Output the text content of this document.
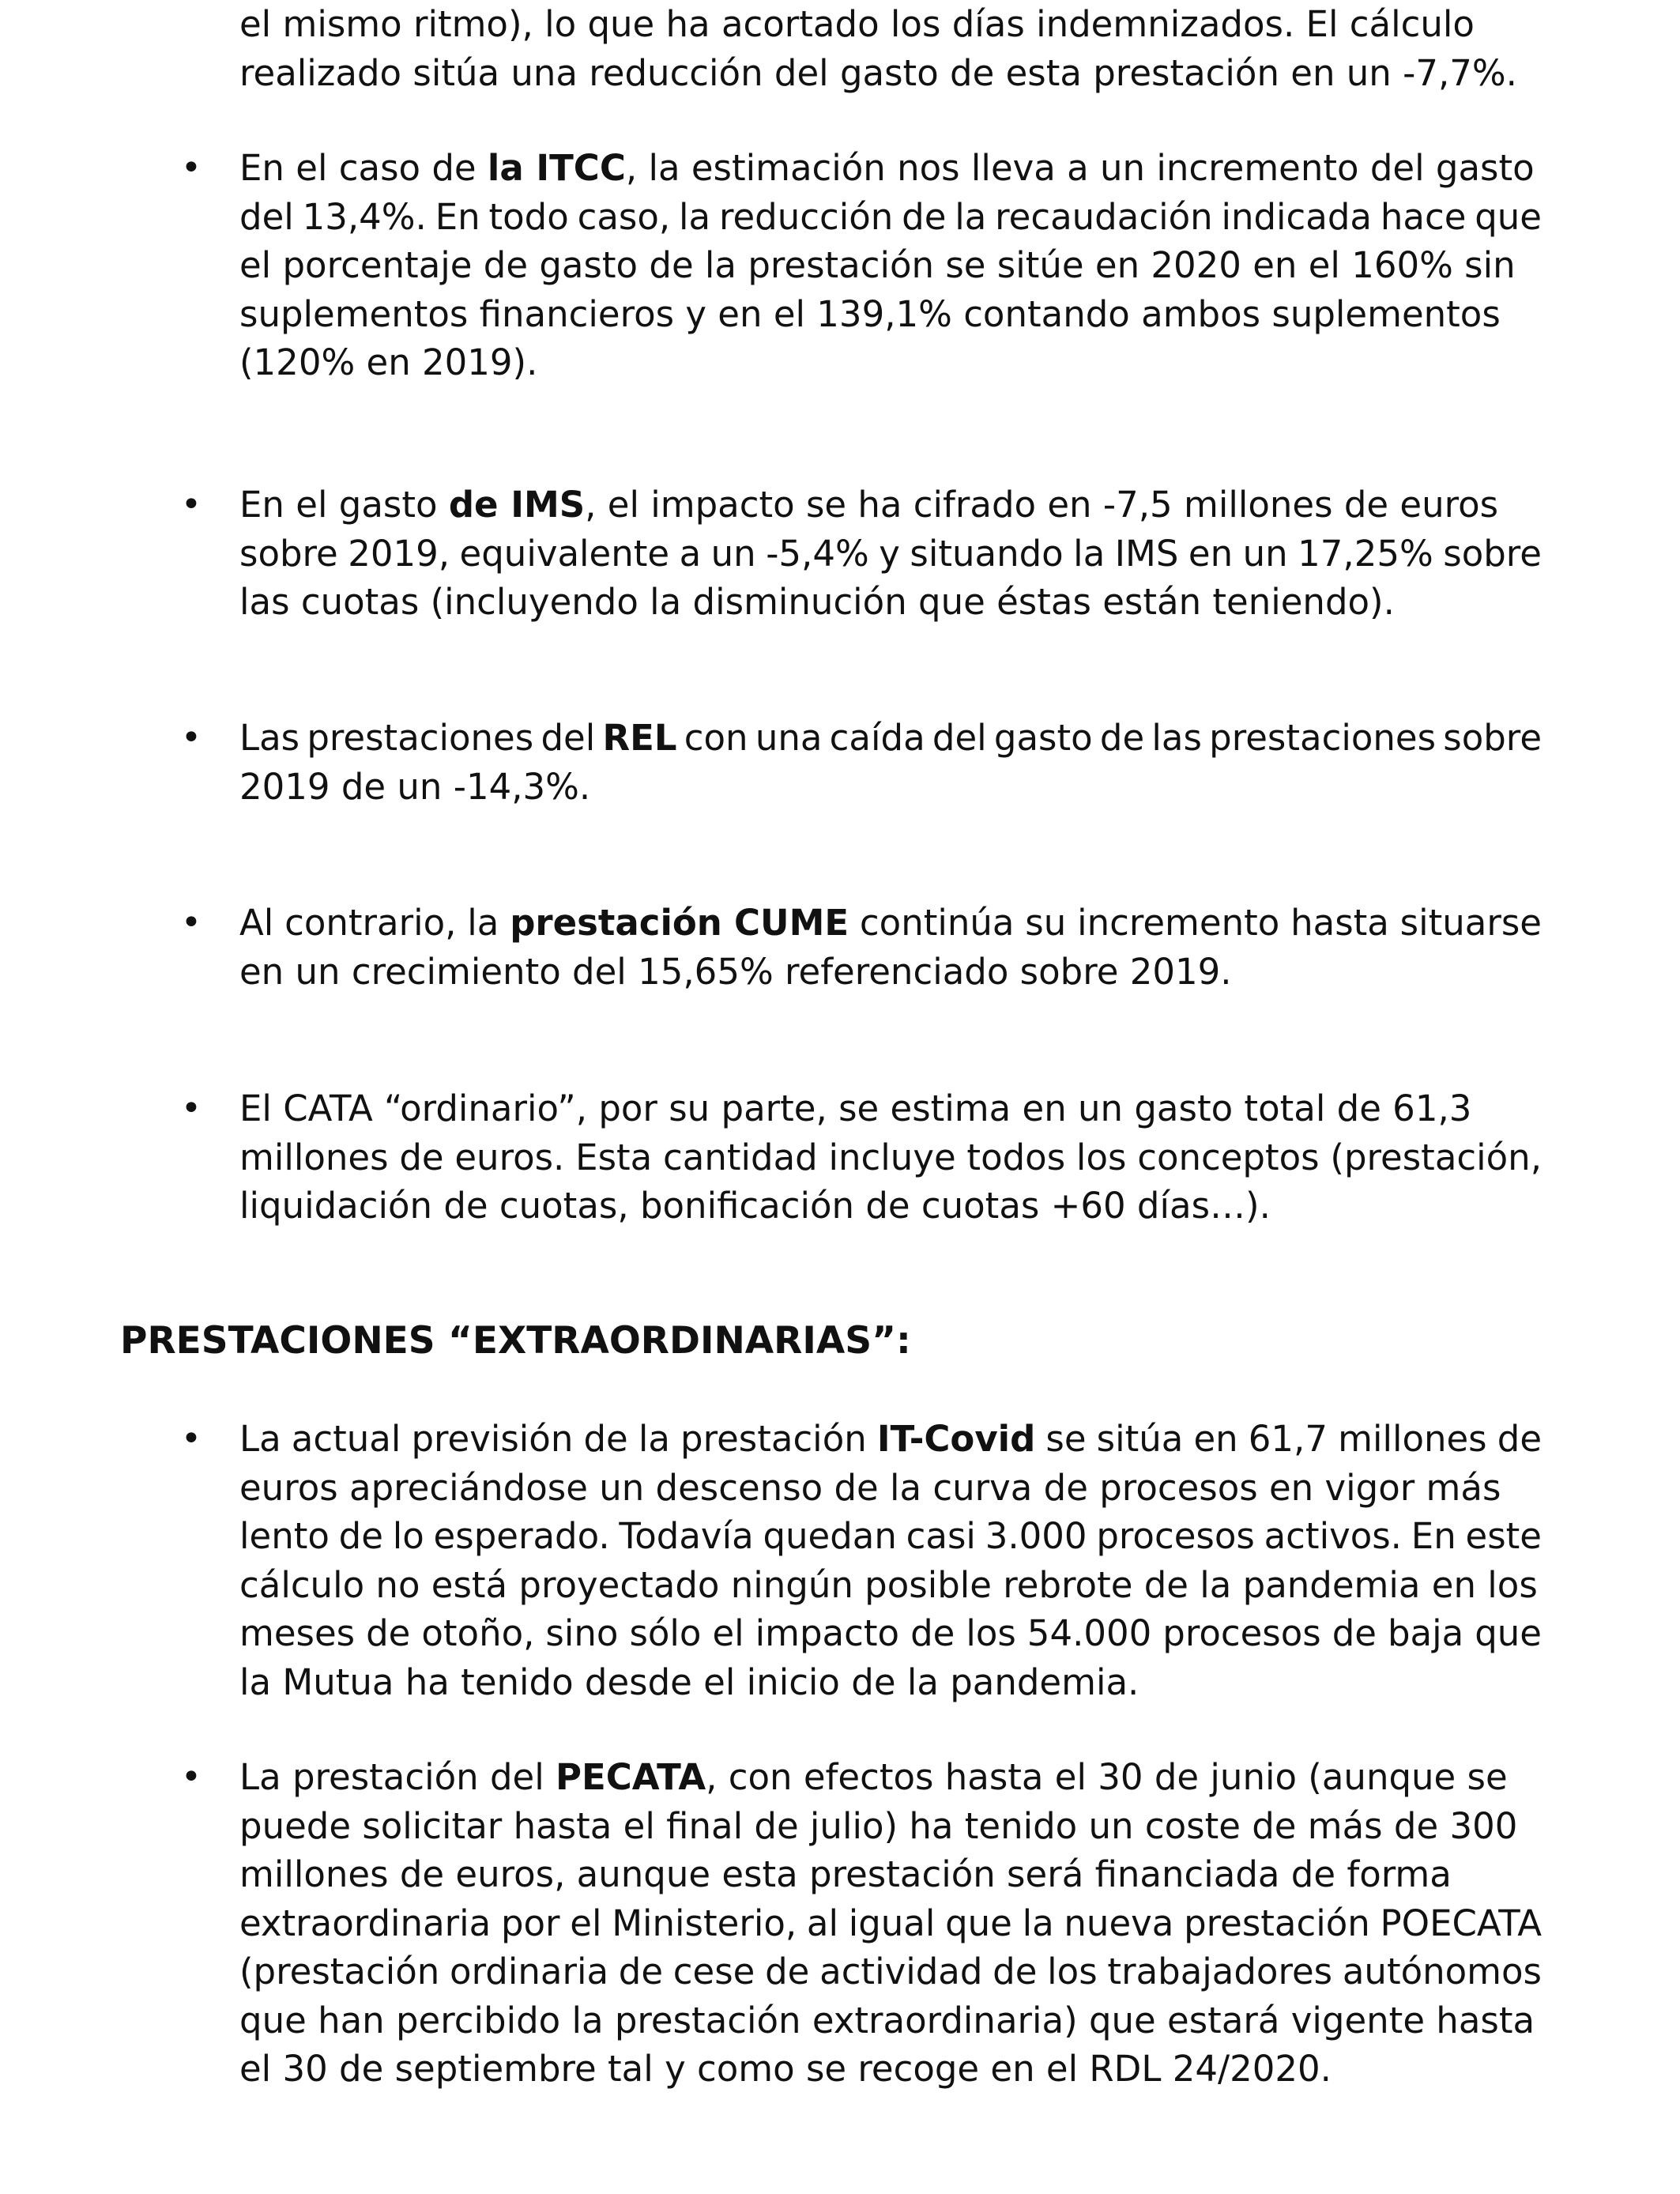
el mismo ritmo), lo que ha acortado los días indemnizados. El cálculo
realizado sitúa una reducción del gasto de esta prestación en un -7,7%.
• En el caso de la ITCC, la estimación nos lleva a un incremento del gasto
del 13,4%. En todo caso, la reducción de la recaudación indicada hace que
el porcentaje de gasto de la prestación se sitúe en 2020 en el 160% sin
suplementos financieros y en el 139,1% contando ambos suplementos
(120% en 2019).
• En el gasto de IMS, el impacto se ha cifrado en -7,5 millones de euros
sobre 2019, equivalente a un -5,4% y situando la IMS en un 17,25% sobre
las cuotas (incluyendo la disminución que éstas están teniendo).
• Las prestaciones del REL con una caída del gasto de las prestaciones sobre
2019 de un -14,3%.
• Al contrario, la prestación CUME continúa su incremento hasta situarse
en un crecimiento del 15,65% referenciado sobre 2019.
• El CATA “ordinario”, por su parte, se estima en un gasto total de 61,3
millones de euros. Esta cantidad incluye todos los conceptos (prestación,
liquidación de cuotas, bonificación de cuotas +60 días…).
PRESTACIONES “EXTRAORDINARIAS”:
• La actual previsión de la prestación IT-Covid se sitúa en 61,7 millones de
euros apreciándose un descenso de la curva de procesos en vigor más
lento de lo esperado. Todavía quedan casi 3.000 procesos activos. En este
cálculo no está proyectado ningún posible rebrote de la pandemia en los
meses de otoño, sino sólo el impacto de los 54.000 procesos de baja que
la Mutua ha tenido desde el inicio de la pandemia.
• La prestación del PECATA, con efectos hasta el 30 de junio (aunque se
puede solicitar hasta el final de julio) ha tenido un coste de más de 300
millones de euros, aunque esta prestación será financiada de forma
extraordinaria por el Ministerio, al igual que la nueva prestación POECATA
(prestación ordinaria de cese de actividad de los trabajadores autónomos
que han percibido la prestación extraordinaria) que estará vigente hasta
el 30 de septiembre tal y como se recoge en el RDL 24/2020.
